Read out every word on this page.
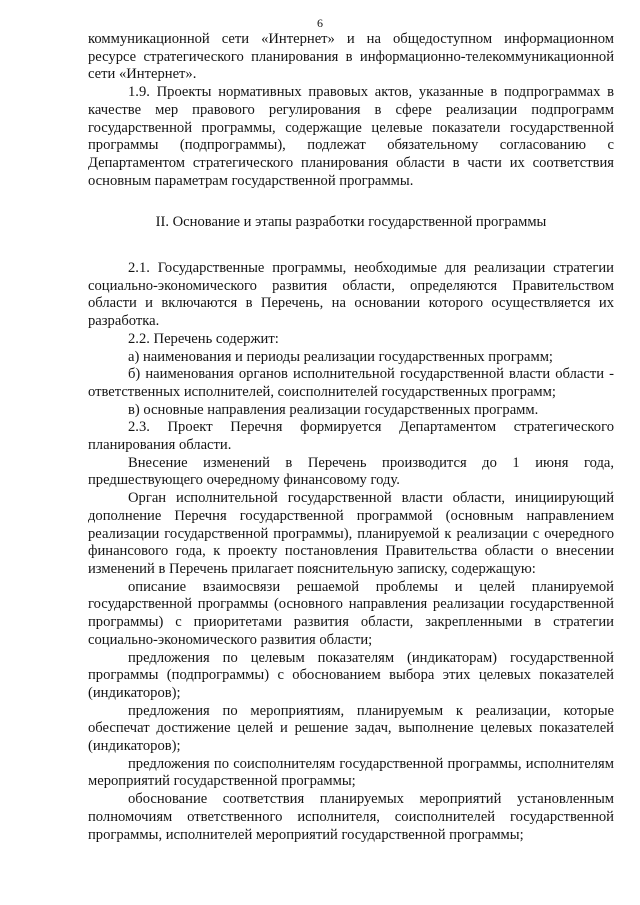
6

коммуникационной сети «Интернет» и на общедоступном информационном ресурсе стратегического планирования в информационно-телекоммуникационной сети «Интернет».

1.9. Проекты нормативных правовых актов, указанные в подпрограммах в качестве мер правового регулирования в сфере реализации подпрограмм государственной программы, содержащие целевые показатели государственной программы (подпрограммы), подлежат обязательному согласованию с Департаментом стратегического планирования области в части их соответствия основным параметрам государственной программы.

II. Основание и этапы разработки государственной программы

2.1. Государственные программы, необходимые для реализации стратегии социально-экономического развития области, определяются Правительством области и включаются в Перечень, на основании которого осуществляется их разработка.

2.2. Перечень содержит:

а) наименования и периоды реализации государственных программ;

б) наименования органов исполнительной государственной власти области - ответственных исполнителей, соисполнителей государственных программ;

в) основные направления реализации государственных программ.

2.3. Проект Перечня формируется Департаментом стратегического планирования области.

Внесение изменений в Перечень производится до 1 июня года, предшествующего очередному финансовому году.

Орган исполнительной государственной власти области, инициирующий дополнение Перечня государственной программой (основным направлением реализации государственной программы), планируемой к реализации с очередного финансового года, к проекту постановления Правительства области о внесении изменений в Перечень прилагает пояснительную записку, содержащую:

описание взаимосвязи решаемой проблемы и целей планируемой государственной программы (основного направления реализации государственной программы) с приоритетами развития области, закрепленными в стратегии социально-экономического развития области;

предложения по целевым показателям (индикаторам) государственной программы (подпрограммы) с обоснованием выбора этих целевых показателей (индикаторов);

предложения по мероприятиям, планируемым к реализации, которые обеспечат достижение целей и решение задач, выполнение целевых показателей (индикаторов);

предложения по соисполнителям государственной программы, исполнителям мероприятий государственной программы;

обоснование соответствия планируемых мероприятий установленным полномочиям ответственного исполнителя, соисполнителей государственной программы, исполнителей мероприятий государственной программы;
